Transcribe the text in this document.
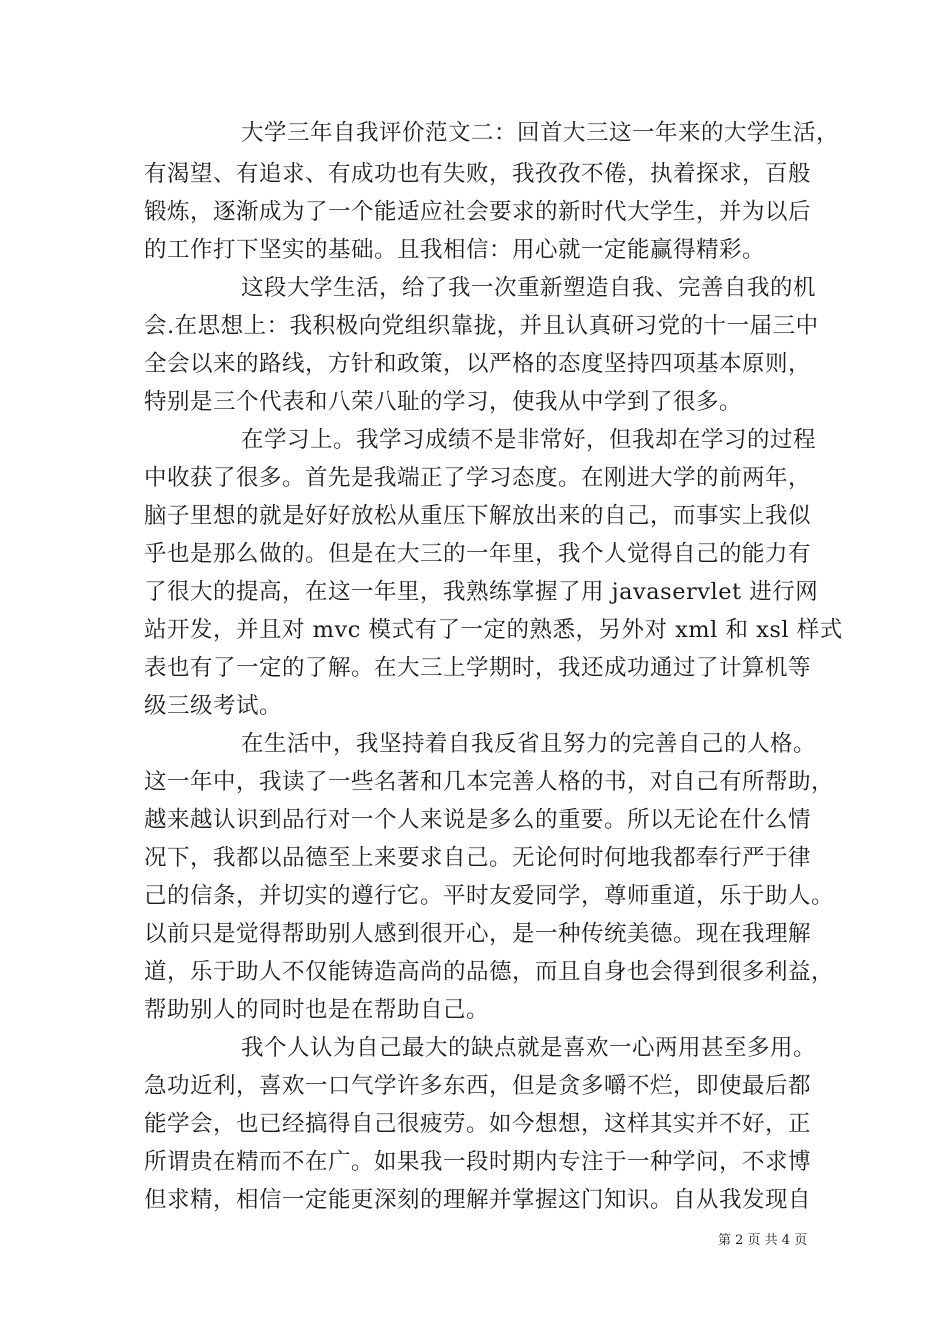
大学三年自我评价范文二：回首大三这一年来的大学生活，
有渴望、有追求、有成功也有失败，我孜孜不倦，执着探求，百般
锻炼，逐渐成为了一个能适应社会要求的新时代大学生，并为以后
的工作打下坚实的基础。且我相信：用心就一定能赢得精彩。
这段大学生活，给了我一次重新塑造自我、完善自我的机
会.在思想上：我积极向党组织靠拢，并且认真研习党的十一届三中
全会以来的路线，方针和政策，以严格的态度坚持四项基本原则，
特别是三个代表和八荣八耻的学习，使我从中学到了很多。
在学习上。我学习成绩不是非常好，但我却在学习的过程
中收获了很多。首先是我端正了学习态度。在刚进大学的前两年，
脑子里想的就是好好放松从重压下解放出来的自己，而事实上我似
乎也是那么做的。但是在大三的一年里，我个人觉得自己的能力有
了很大的提高，在这一年里，我熟练掌握了用 javaservlet 进行网
站开发，并且对 mvc 模式有了一定的熟悉，另外对 xml 和 xsl 样式
表也有了一定的了解。在大三上学期时，我还成功通过了计算机等
级三级考试。
在生活中，我坚持着自我反省且努力的完善自己的人格。
这一年中，我读了一些名著和几本完善人格的书，对自己有所帮助，
越来越认识到品行对一个人来说是多么的重要。所以无论在什么情
况下，我都以品德至上来要求自己。无论何时何地我都奉行严于律
己的信条，并切实的遵行它。平时友爱同学，尊师重道，乐于助人。
以前只是觉得帮助别人感到很开心，是一种传统美德。现在我理解
道，乐于助人不仅能铸造高尚的品德，而且自身也会得到很多利益，
帮助别人的同时也是在帮助自己。
我个人认为自己最大的缺点就是喜欢一心两用甚至多用。
急功近利，喜欢一口气学许多东西，但是贪多嚼不烂，即使最后都
能学会，也已经搞得自己很疲劳。如今想想，这样其实并不好，正
所谓贵在精而不在广。如果我一段时期内专注于一种学问，不求博
但求精，相信一定能更深刻的理解并掌握这门知识。自从我发现自
第 2 页 共 4 页
